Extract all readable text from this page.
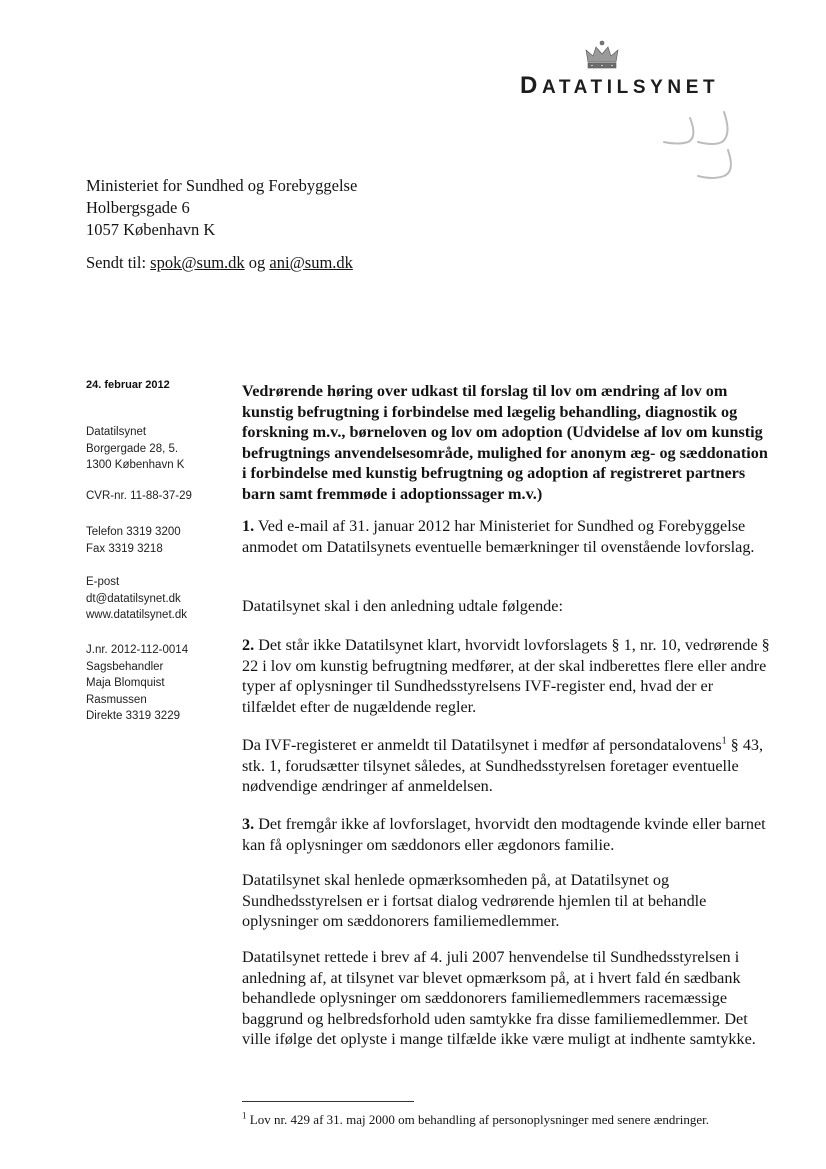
DATATILSYNET
Ministeriet for Sundhed og Forebyggelse
Holbergsgade 6
1057 København K
Sendt til: spok@sum.dk og ani@sum.dk
24. februar 2012
Datatilsynet
Borgergade 28, 5.
1300 København K
CVR-nr. 11-88-37-29
Telefon 3319 3200
Fax 3319 3218
E-post
dt@datatilsynet.dk
www.datatilsynet.dk
J.nr. 2012-112-0014
Sagsbehandler
Maja Blomquist
Rasmussen
Direkte 3319 3229
Vedrørende høring over udkast til forslag til lov om ændring af lov om kunstig befrugtning i forbindelse med lægelig behandling, diagnostik og forskning m.v., børneloven og lov om adoption (Udvidelse af lov om kunstig befrugtnings anvendelsesområde, mulighed for anonym æg- og sæddonation i forbindelse med kunstig befrugtning og adoption af registreret partners barn samt fremmøde i adoptionssager m.v.)

1. Ved e-mail af 31. januar 2012 har Ministeriet for Sundhed og Forebyggelse anmodet om Datatilsynets eventuelle bemærkninger til ovenstående lovforslag.

Datatilsynet skal i den anledning udtale følgende:

2. Det står ikke Datatilsynet klart, hvorvidt lovforslagets § 1, nr. 10, vedrørende § 22 i lov om kunstig befrugtning medfører, at der skal indberettes flere eller andre typer af oplysninger til Sundhedsstyrelsens IVF-register end, hvad der er tilfældet efter de nugældende regler.

Da IVF-registeret er anmeldt til Datatilsynet i medfør af persondatalovens$^1$ § 43, stk. 1, forudsætter tilsynet således, at Sundhedsstyrelsen foretager eventuelle nødvendige ændringer af anmeldelsen.

3. Det fremgår ikke af lovforslaget, hvorvidt den modtagende kvinde eller barnet kan få oplysninger om sæddonors eller ægdonors familie.

Datatilsynet skal henlede opmærksomheden på, at Datatilsynet og Sundhedsstyrelsen er i fortsat dialog vedrørende hjemlen til at behandle oplysninger om sæddonorers familiemedlemmer.

Datatilsynet rettede i brev af 4. juli 2007 henvendelse til Sundhedsstyrelsen i anledning af, at tilsynet var blevet opmærksom på, at i hvert fald én sædbank behandlede oplysninger om sæddonorers familiemedlemmers racemæssige baggrund og helbredsforhold uden samtykke fra disse familiemedlemmer. Det ville ifølge det oplyste i mange tilfælde ikke være muligt at indhente samtykke.

$^1$ Lov nr. 429 af 31. maj 2000 om behandling af personoplysninger med senere ændringer.
